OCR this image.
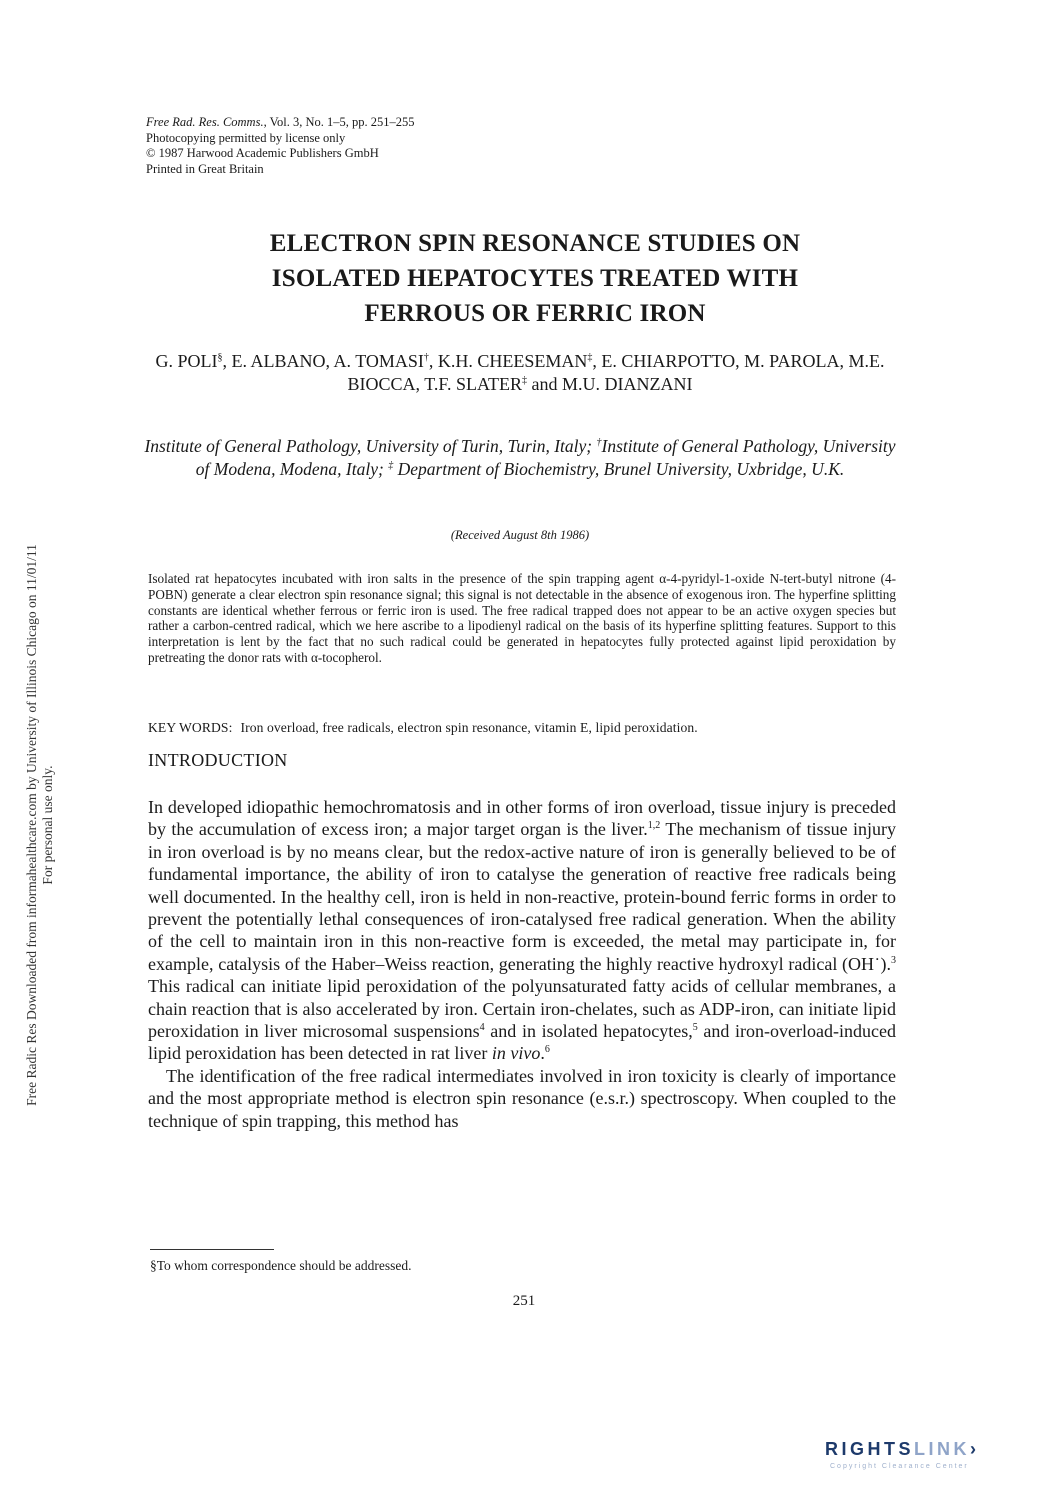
Free Rad. Res. Comms., Vol. 3, No. 1–5, pp. 251–255
Photocopying permitted by license only
© 1987 Harwood Academic Publishers GmbH
Printed in Great Britain
ELECTRON SPIN RESONANCE STUDIES ON
ISOLATED HEPATOCYTES TREATED WITH
FERROUS OR FERRIC IRON
G. POLI§, E. ALBANO, A. TOMASI†, K.H. CHEESEMAN‡, E. CHIARPOTTO, M. PAROLA, M.E. BIOCCA, T.F. SLATER‡ and M.U. DIANZANI
Institute of General Pathology, University of Turin, Turin, Italy; †Institute of General Pathology, University of Modena, Modena, Italy; ‡ Department of Biochemistry, Brunel University, Uxbridge, U.K.
(Received August 8th 1986)
Isolated rat hepatocytes incubated with iron salts in the presence of the spin trapping agent α-4-pyridyl-1-oxide N-tert-butyl nitrone (4-POBN) generate a clear electron spin resonance signal; this signal is not detectable in the absence of exogenous iron. The hyperfine splitting constants are identical whether ferrous or ferric iron is used. The free radical trapped does not appear to be an active oxygen species but rather a carbon-centred radical, which we here ascribe to a lipodienyl radical on the basis of its hyperfine splitting features. Support to this interpretation is lent by the fact that no such radical could be generated in hepatocytes fully protected against lipid peroxidation by pretreating the donor rats with α-tocopherol.
KEY WORDS: Iron overload, free radicals, electron spin resonance, vitamin E, lipid peroxidation.
INTRODUCTION

In developed idiopathic hemochromatosis and in other forms of iron overload, tissue injury is preceded by the accumulation of excess iron; a major target organ is the liver.$^{1,2}$ The mechanism of tissue injury in iron overload is by no means clear, but the redox-active nature of iron is generally believed to be of fundamental importance, the ability of iron to catalyse the generation of reactive free radicals being well documented. In the healthy cell, iron is held in non-reactive, protein-bound ferric forms in order to prevent the potentially lethal consequences of iron-catalysed free radical generation. When the ability of the cell to maintain iron in this non-reactive form is exceeded, the metal may participate in, for example, catalysis of the Haber–Weiss reaction, generating the highly reactive hydroxyl radical (OH˙).$^3$ This radical can initiate lipid peroxidation of the polyunsaturated fatty acids of cellular membranes, a chain reaction that is also accelerated by iron. Certain iron-chelates, such as ADP-iron, can initiate lipid peroxidation in liver microsomal suspensions$^4$ and in isolated hepatocytes,$^5$ and iron-overload-induced lipid peroxidation has been detected in rat liver in vivo.$^6$

The identification of the free radical intermediates involved in iron toxicity is clearly of importance and the most appropriate method is electron spin resonance (e.s.r.) spectroscopy. When coupled to the technique of spin trapping, this method has

§To whom correspondence should be addressed.
251
Free Radic Res Downloaded from informahealthcare.com by University of Illinois Chicago on 11/01/11 For personal use only.
RIGHTSLINK›
Copyright Clearance Center
